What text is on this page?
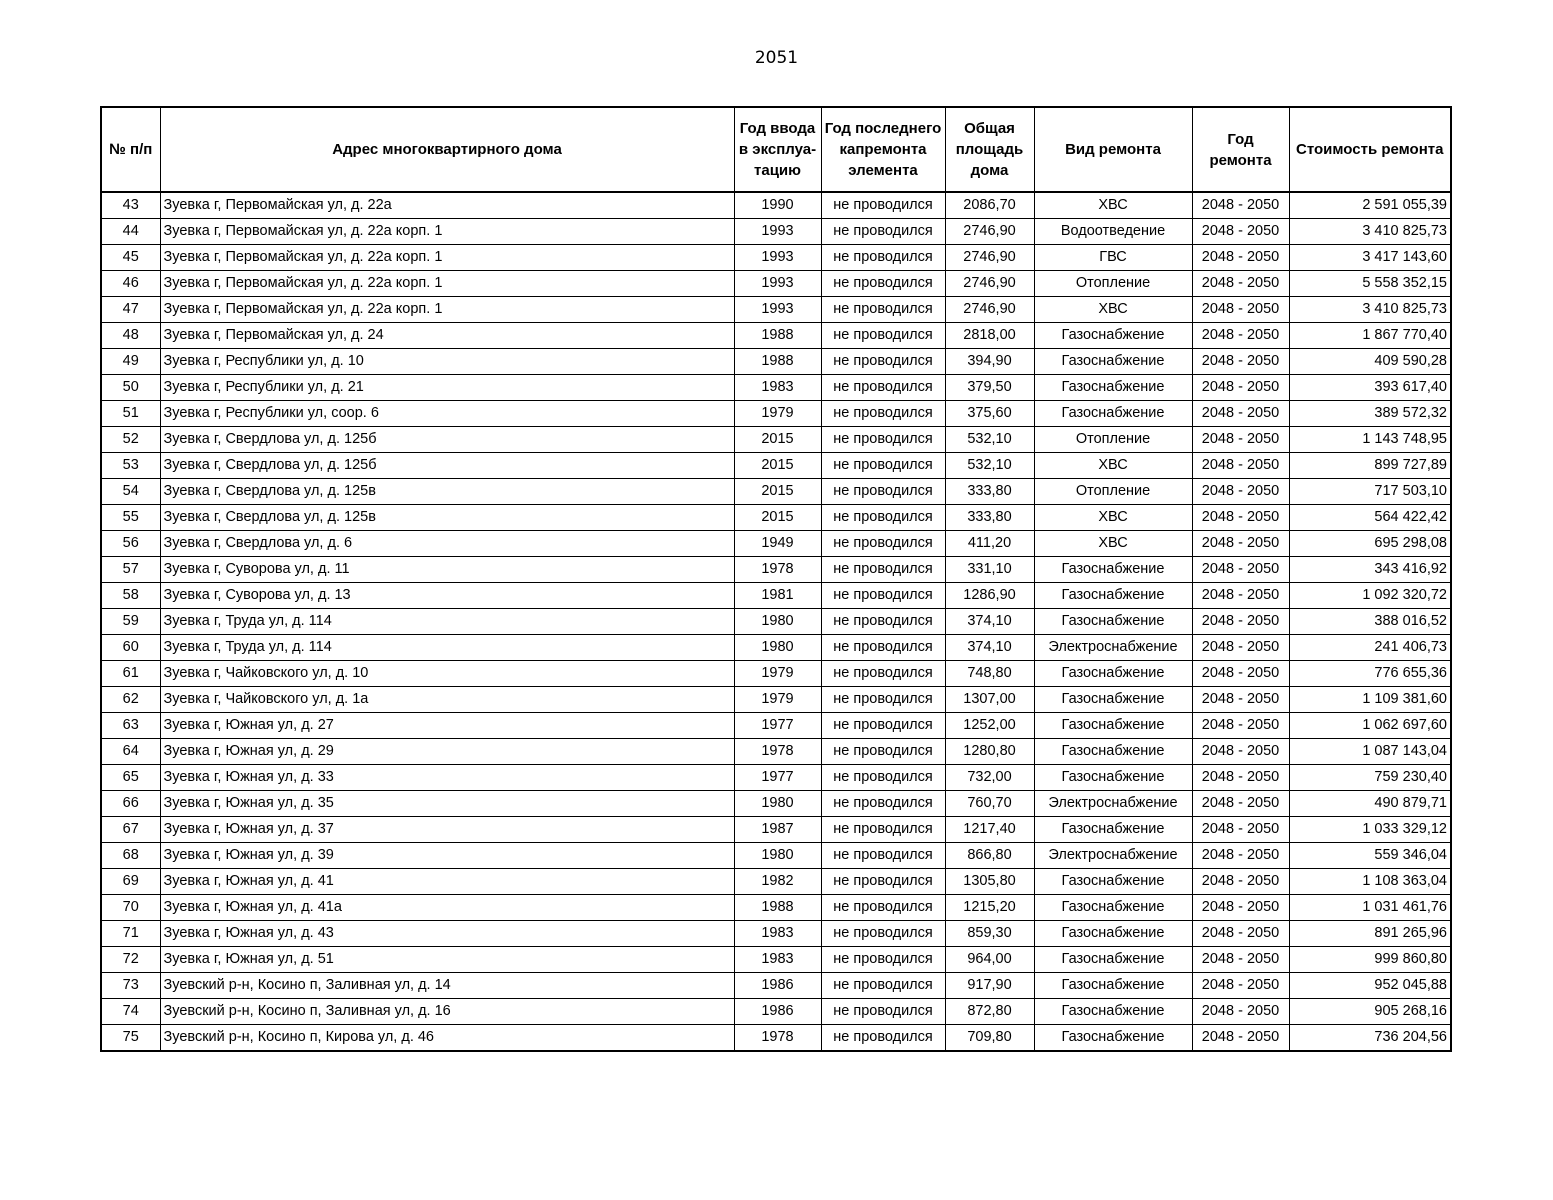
2051
№ п/п	Адрес многоквартирного дома	Год ввода в эксплуа-тацию	Год последнего капремонта элемента	Общая площадь дома	Вид ремонта	Год ремонта	Стоимость ремонта
43	Зуевка г, Первомайская ул, д. 22а	1990	не проводился	2086,70	ХВС	2048 - 2050	2 591 055,39
44	Зуевка г, Первомайская ул, д. 22а корп. 1	1993	не проводился	2746,90	Водоотведение	2048 - 2050	3 410 825,73
45	Зуевка г, Первомайская ул, д. 22а корп. 1	1993	не проводился	2746,90	ГВС	2048 - 2050	3 417 143,60
46	Зуевка г, Первомайская ул, д. 22а корп. 1	1993	не проводился	2746,90	Отопление	2048 - 2050	5 558 352,15
47	Зуевка г, Первомайская ул, д. 22а корп. 1	1993	не проводился	2746,90	ХВС	2048 - 2050	3 410 825,73
48	Зуевка г, Первомайская ул, д. 24	1988	не проводился	2818,00	Газоснабжение	2048 - 2050	1 867 770,40
49	Зуевка г, Республики ул, д. 10	1988	не проводился	394,90	Газоснабжение	2048 - 2050	409 590,28
50	Зуевка г, Республики ул, д. 21	1983	не проводился	379,50	Газоснабжение	2048 - 2050	393 617,40
51	Зуевка г, Республики ул, соор. 6	1979	не проводился	375,60	Газоснабжение	2048 - 2050	389 572,32
52	Зуевка г, Свердлова ул, д. 125б	2015	не проводился	532,10	Отопление	2048 - 2050	1 143 748,95
53	Зуевка г, Свердлова ул, д. 125б	2015	не проводился	532,10	ХВС	2048 - 2050	899 727,89
54	Зуевка г, Свердлова ул, д. 125в	2015	не проводился	333,80	Отопление	2048 - 2050	717 503,10
55	Зуевка г, Свердлова ул, д. 125в	2015	не проводился	333,80	ХВС	2048 - 2050	564 422,42
56	Зуевка г, Свердлова ул, д. 6	1949	не проводился	411,20	ХВС	2048 - 2050	695 298,08
57	Зуевка г, Суворова ул, д. 11	1978	не проводился	331,10	Газоснабжение	2048 - 2050	343 416,92
58	Зуевка г, Суворова ул, д. 13	1981	не проводился	1286,90	Газоснабжение	2048 - 2050	1 092 320,72
59	Зуевка г, Труда ул, д. 114	1980	не проводился	374,10	Газоснабжение	2048 - 2050	388 016,52
60	Зуевка г, Труда ул, д. 114	1980	не проводился	374,10	Электроснабжение	2048 - 2050	241 406,73
61	Зуевка г, Чайковского ул, д. 10	1979	не проводился	748,80	Газоснабжение	2048 - 2050	776 655,36
62	Зуевка г, Чайковского ул, д. 1а	1979	не проводился	1307,00	Газоснабжение	2048 - 2050	1 109 381,60
63	Зуевка г, Южная ул, д. 27	1977	не проводился	1252,00	Газоснабжение	2048 - 2050	1 062 697,60
64	Зуевка г, Южная ул, д. 29	1978	не проводился	1280,80	Газоснабжение	2048 - 2050	1 087 143,04
65	Зуевка г, Южная ул, д. 33	1977	не проводился	732,00	Газоснабжение	2048 - 2050	759 230,40
66	Зуевка г, Южная ул, д. 35	1980	не проводился	760,70	Электроснабжение	2048 - 2050	490 879,71
67	Зуевка г, Южная ул, д. 37	1987	не проводился	1217,40	Газоснабжение	2048 - 2050	1 033 329,12
68	Зуевка г, Южная ул, д. 39	1980	не проводился	866,80	Электроснабжение	2048 - 2050	559 346,04
69	Зуевка г, Южная ул, д. 41	1982	не проводился	1305,80	Газоснабжение	2048 - 2050	1 108 363,04
70	Зуевка г, Южная ул, д. 41а	1988	не проводился	1215,20	Газоснабжение	2048 - 2050	1 031 461,76
71	Зуевка г, Южная ул, д. 43	1983	не проводился	859,30	Газоснабжение	2048 - 2050	891 265,96
72	Зуевка г, Южная ул, д. 51	1983	не проводился	964,00	Газоснабжение	2048 - 2050	999 860,80
73	Зуевский р-н, Косино п, Заливная ул, д. 14	1986	не проводился	917,90	Газоснабжение	2048 - 2050	952 045,88
74	Зуевский р-н, Косино п, Заливная ул, д. 16	1986	не проводился	872,80	Газоснабжение	2048 - 2050	905 268,16
75	Зуевский р-н, Косино п, Кирова ул, д. 46	1978	не проводился	709,80	Газоснабжение	2048 - 2050	736 204,56
